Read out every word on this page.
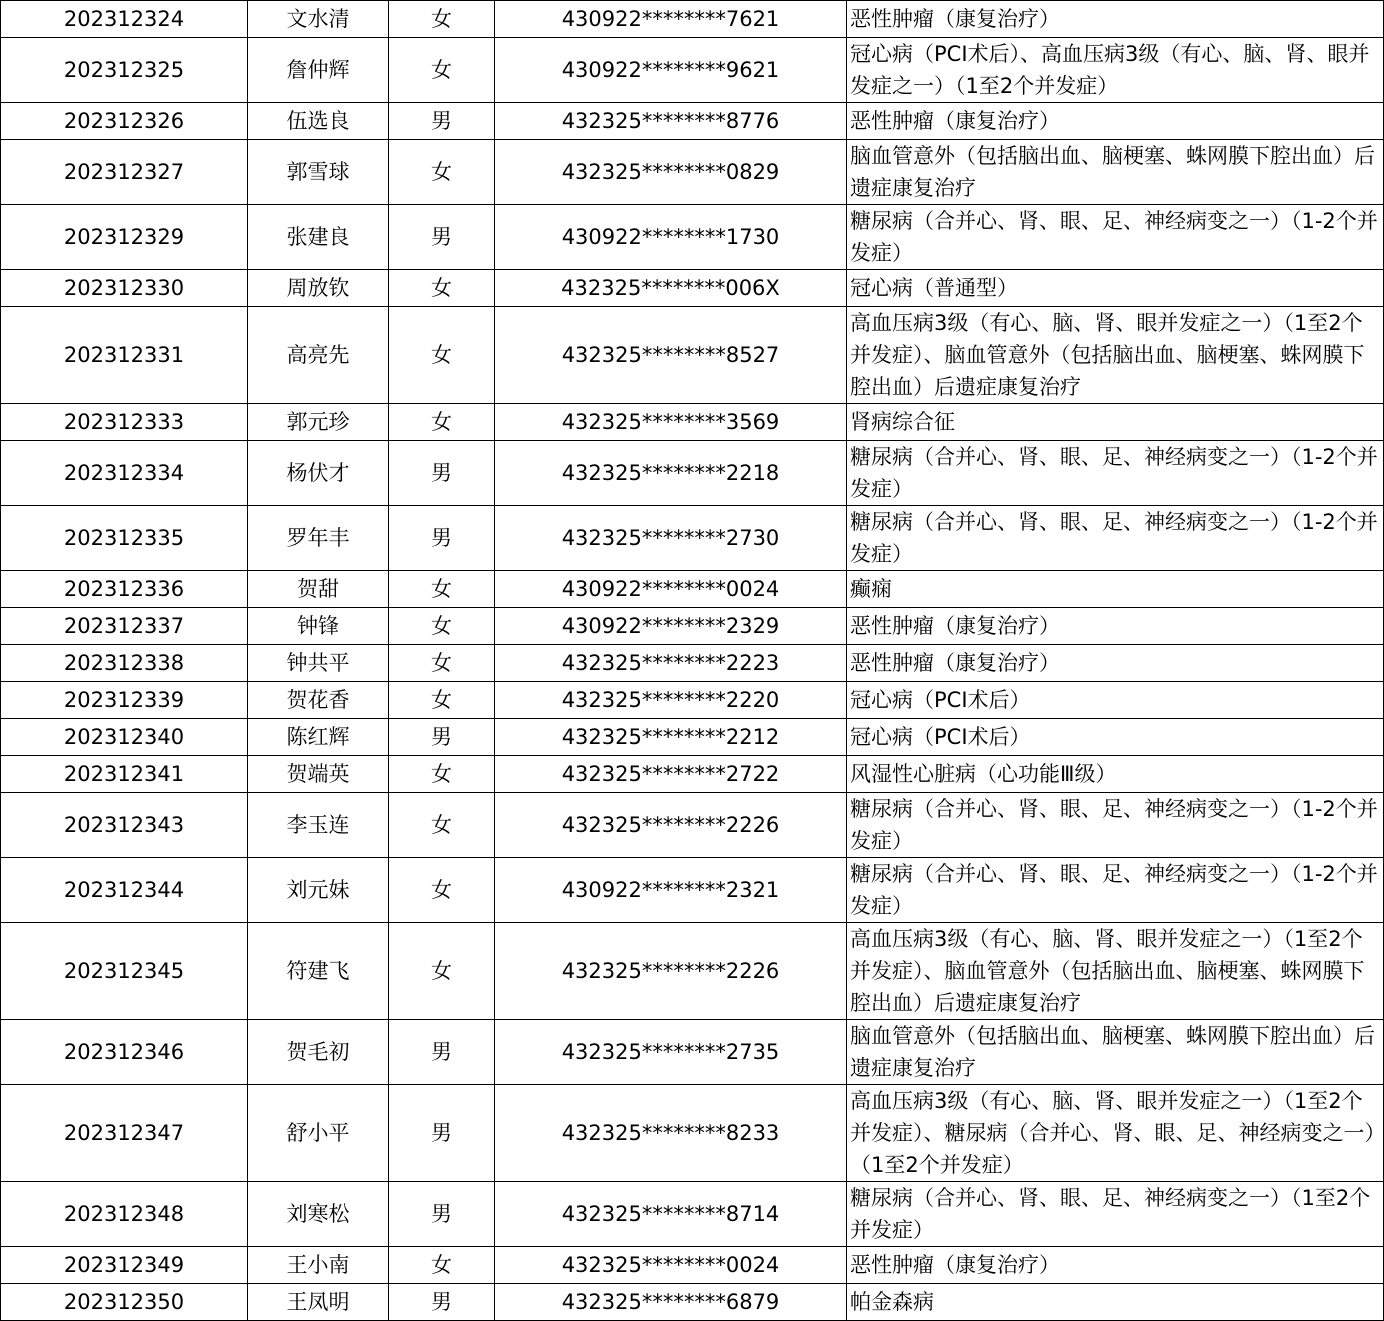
202312324	文水清	女	430922********7621	恶性肿瘤（康复治疗）
202312325	詹仲辉	女	430922********9621	冠心病（PCI术后）、高血压病3级（有心、脑、肾、眼并发症之一）（1至2个并发症）
202312326	伍选良	男	432325********8776	恶性肿瘤（康复治疗）
202312327	郭雪球	女	432325********0829	脑血管意外（包括脑出血、脑梗塞、蛛网膜下腔出血）后遗症康复治疗
202312329	张建良	男	430922********1730	糖尿病（合并心、肾、眼、足、神经病变之一）（1-2个并发症）
202312330	周放钦	女	432325********006X	冠心病（普通型）
202312331	高亮先	女	432325********8527	高血压病3级（有心、脑、肾、眼并发症之一）（1至2个并发症）、脑血管意外（包括脑出血、脑梗塞、蛛网膜下腔出血）后遗症康复治疗
202312333	郭元珍	女	432325********3569	肾病综合征
202312334	杨伏才	男	432325********2218	糖尿病（合并心、肾、眼、足、神经病变之一）（1-2个并发症）
202312335	罗年丰	男	432325********2730	糖尿病（合并心、肾、眼、足、神经病变之一）（1-2个并发症）
202312336	贺甜	女	430922********0024	癫痫
202312337	钟锋	女	430922********2329	恶性肿瘤（康复治疗）
202312338	钟共平	女	432325********2223	恶性肿瘤（康复治疗）
202312339	贺花香	女	432325********2220	冠心病（PCI术后）
202312340	陈红辉	男	432325********2212	冠心病（PCI术后）
202312341	贺端英	女	432325********2722	风湿性心脏病（心功能Ⅲ级）
202312343	李玉连	女	432325********2226	糖尿病（合并心、肾、眼、足、神经病变之一）（1-2个并发症）
202312344	刘元妹	女	430922********2321	糖尿病（合并心、肾、眼、足、神经病变之一）（1-2个并发症）
202312345	符建飞	女	432325********2226	高血压病3级（有心、脑、肾、眼并发症之一）（1至2个并发症）、脑血管意外（包括脑出血、脑梗塞、蛛网膜下腔出血）后遗症康复治疗
202312346	贺毛初	男	432325********2735	脑血管意外（包括脑出血、脑梗塞、蛛网膜下腔出血）后遗症康复治疗
202312347	舒小平	男	432325********8233	高血压病3级（有心、脑、肾、眼并发症之一）（1至2个并发症）、糖尿病（合并心、肾、眼、足、神经病变之一）（1至2个并发症）
202312348	刘寒松	男	432325********8714	糖尿病（合并心、肾、眼、足、神经病变之一）（1至2个并发症）
202312349	王小南	女	432325********0024	恶性肿瘤（康复治疗）
202312350	王凤明	男	432325********6879	帕金森病
